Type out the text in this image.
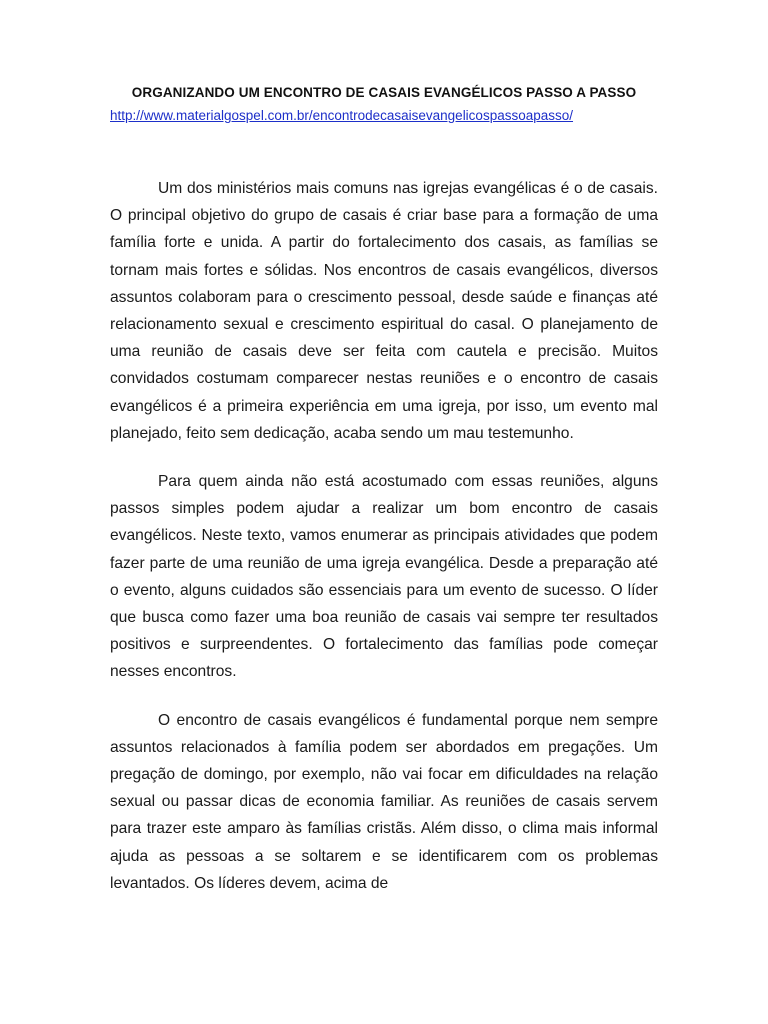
ORGANIZANDO UM ENCONTRO DE CASAIS EVANGÉLICOS PASSO A PASSO
http://www.materialgospel.com.br/encontrodecasaisevangelicospassoapasso/

Um dos ministérios mais comuns nas igrejas evangélicas é o de casais. O principal objetivo do grupo de casais é criar base para a formação de uma família forte e unida. A partir do fortalecimento dos casais, as famílias se tornam mais fortes e sólidas. Nos encontros de casais evangélicos, diversos assuntos colaboram para o crescimento pessoal, desde saúde e finanças até relacionamento sexual e crescimento espiritual do casal. O planejamento de uma reunião de casais deve ser feita com cautela e precisão. Muitos convidados costumam comparecer nestas reuniões e o encontro de casais evangélicos é a primeira experiência em uma igreja, por isso, um evento mal planejado, feito sem dedicação, acaba sendo um mau testemunho.

Para quem ainda não está acostumado com essas reuniões, alguns passos simples podem ajudar a realizar um bom encontro de casais evangélicos. Neste texto, vamos enumerar as principais atividades que podem fazer parte de uma reunião de uma igreja evangélica. Desde a preparação até o evento, alguns cuidados são essenciais para um evento de sucesso. O líder que busca como fazer uma boa reunião de casais vai sempre ter resultados positivos e surpreendentes. O fortalecimento das famílias pode começar nesses encontros.

O encontro de casais evangélicos é fundamental porque nem sempre assuntos relacionados à família podem ser abordados em pregações. Um pregação de domingo, por exemplo, não vai focar em dificuldades na relação sexual ou passar dicas de economia familiar. As reuniões de casais servem para trazer este amparo às famílias cristãs. Além disso, o clima mais informal ajuda as pessoas a se soltarem e se identificarem com os problemas levantados. Os líderes devem, acima de
